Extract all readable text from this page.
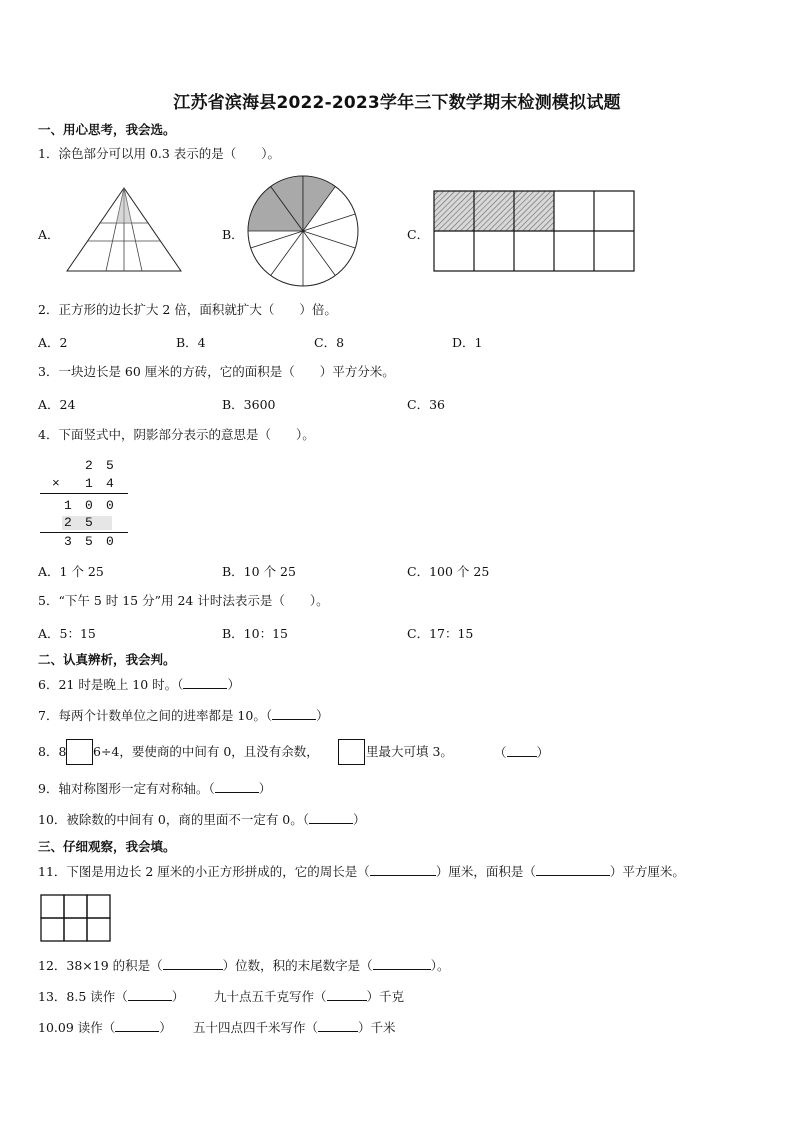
江苏省滨海县2022-2023学年三下数学期末检测模拟试题
一、用心思考，我会选。
1．涂色部分可以用 0.3 表示的是（　　）。
A．	B．	C．
2．正方形的边长扩大 2 倍，面积就扩大（　　）倍。
A．2	B．4	C．8	D．1
3．一块边长是 60 厘米的方砖，它的面积是（　　）平方分米。
A．24	B．3600	C．36
4．下面竖式中，阴影部分表示的意思是（　　）。
2 5
× 1 4
1 0 0
2 5
3 5 0
A．1 个 25	B．10 个 25	C．100 个 25
5．“下午 5 时 15 分”用 24 计时法表示是（　　）。
A．5：15	B．10：15	C．17：15
二、认真辨析，我会判。
6．21 时是晚上 10 时。（	）
7．每两个计数单位之间的进率都是 10。（	）
8．8 6÷4，要使商的中间有 0，且没有余数，	里最大可填 3。	（ ）
9．轴对称图形一定有对称轴。（	）
10．被除数的中间有 0，商的里面不一定有 0。（	）
三、仔细观察，我会填。
11．下图是用边长 2 厘米的小正方形拼成的，它的周长是（	）厘米，面积是（	）平方厘米。
12．38×19 的积是（	）位数，积的末尾数字是（	）。
13．8.5 读作（	） 九十点五千克写作（	）千克
10.09 读作（	） 五十四点四千米写作（	）千米
